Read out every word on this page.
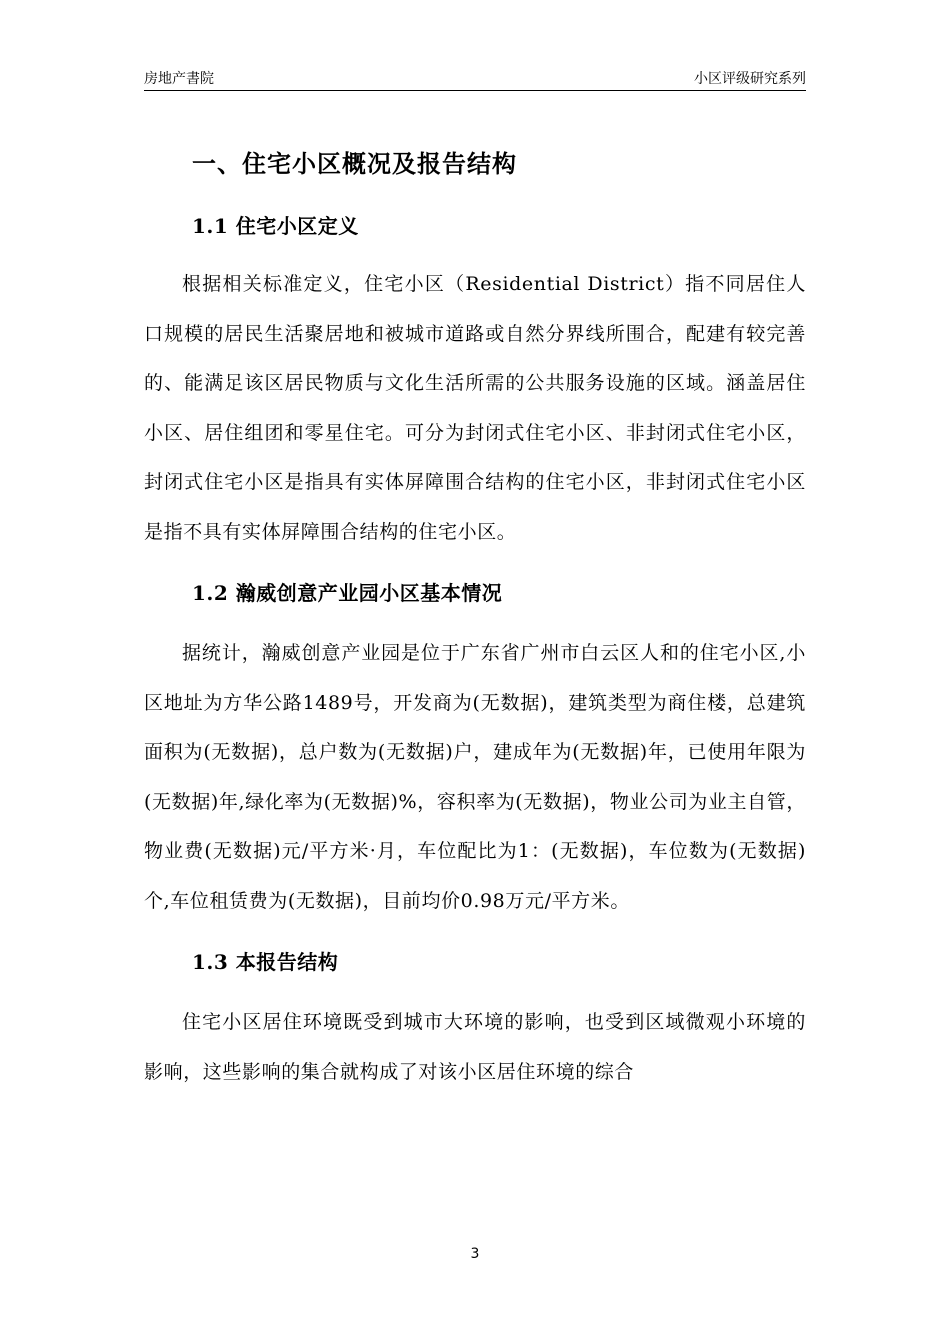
房地产書院	小区评级研究系列
一、住宅小区概况及报告结构
1.1 住宅小区定义

根据相关标准定义，住宅小区（Residential District）指不同居住人口规模的居民生活聚居地和被城市道路或自然分界线所围合，配建有较完善的、能满足该区居民物质与文化生活所需的公共服务设施的区域。涵盖居住小区、居住组团和零星住宅。可分为封闭式住宅小区、非封闭式住宅小区，封闭式住宅小区是指具有实体屏障围合结构的住宅小区，非封闭式住宅小区是指不具有实体屏障围合结构的住宅小区。

1.2 瀚威创意产业园小区基本情况

据统计，瀚威创意产业园是位于广东省广州市白云区人和的住宅小区,小区地址为方华公路1489号，开发商为(无数据)，建筑类型为商住楼，总建筑面积为(无数据)，总户数为(无数据)户，建成年为(无数据)年，已使用年限为(无数据)年,绿化率为(无数据)%，容积率为(无数据)，物业公司为业主自管，物业费(无数据)元/平方米·月，车位配比为1：(无数据)，车位数为(无数据)个,车位租赁费为(无数据)，目前均价0.98万元/平方米。

1.3 本报告结构

住宅小区居住环境既受到城市大环境的影响，也受到区域微观小环境的影响，这些影响的集合就构成了对该小区居住环境的综合

3
